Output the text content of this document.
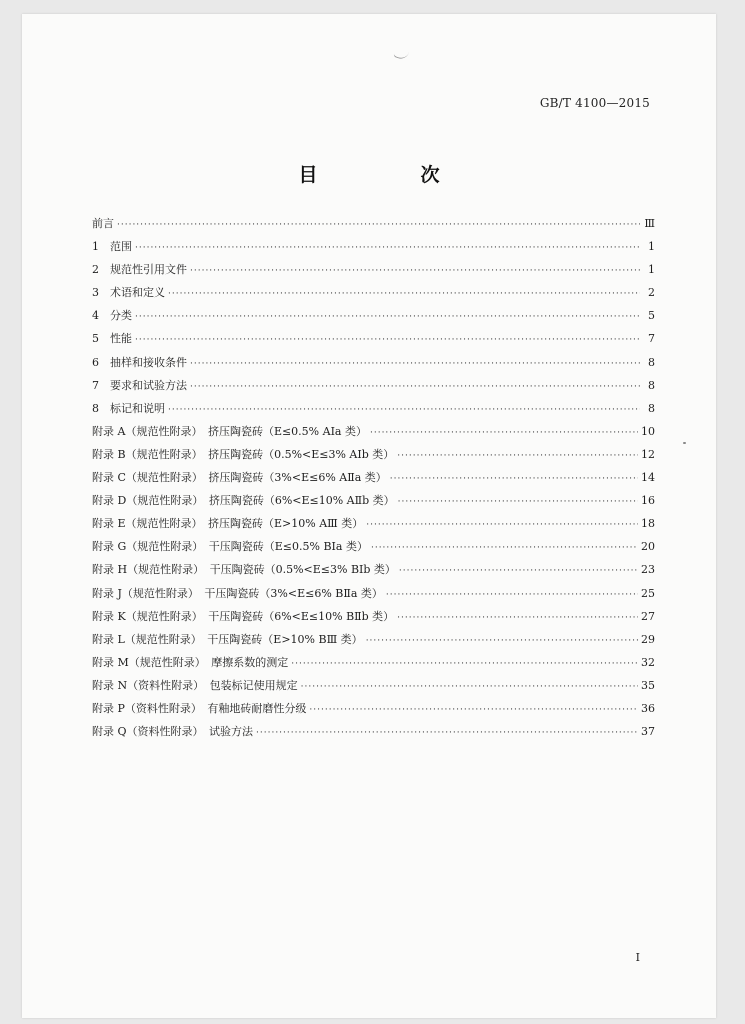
GB/T 4100—2015
目　次
前言 ·····	Ⅲ
1　范围 ·····	1
2　规范性引用文件 ·····	1
3　术语和定义 ·····	2
4　分类 ·····	5
5　性能 ·····	7
6　抽样和接收条件 ·····	8
7　要求和试验方法 ·····	8
8　标记和说明 ·····	8
附录 A（规范性附录）　挤压陶瓷砖（E≤0.5% AⅠa 类） ·····	10
附录 B（规范性附录）　挤压陶瓷砖（0.5%<E≤3% AⅠb 类） ·····	12
附录 C（规范性附录）　挤压陶瓷砖（3%<E≤6% AⅡa 类） ·····	14
附录 D（规范性附录）　挤压陶瓷砖（6%<E≤10% AⅡb 类） ·····	16
附录 E（规范性附录）　挤压陶瓷砖（E>10% AⅢ 类） ·····	18
附录 G（规范性附录）　干压陶瓷砖（E≤0.5% BⅠa 类） ·····	20
附录 H（规范性附录）　干压陶瓷砖（0.5%<E≤3% BⅠb 类） ·····	23
附录 J（规范性附录）　干压陶瓷砖（3%<E≤6% BⅡa 类） ·····	25
附录 K（规范性附录）　干压陶瓷砖（6%<E≤10% BⅡb 类） ·····	27
附录 L（规范性附录）　干压陶瓷砖（E>10% BⅢ 类） ·····	29
附录 M（规范性附录）　摩擦系数的测定 ·····	32
附录 N（资料性附录）　包装标记使用规定 ·····	35
附录 P（资料性附录）　有釉地砖耐磨性分级 ·····	36
附录 Q（资料性附录）　试验方法 ·····	37
I
